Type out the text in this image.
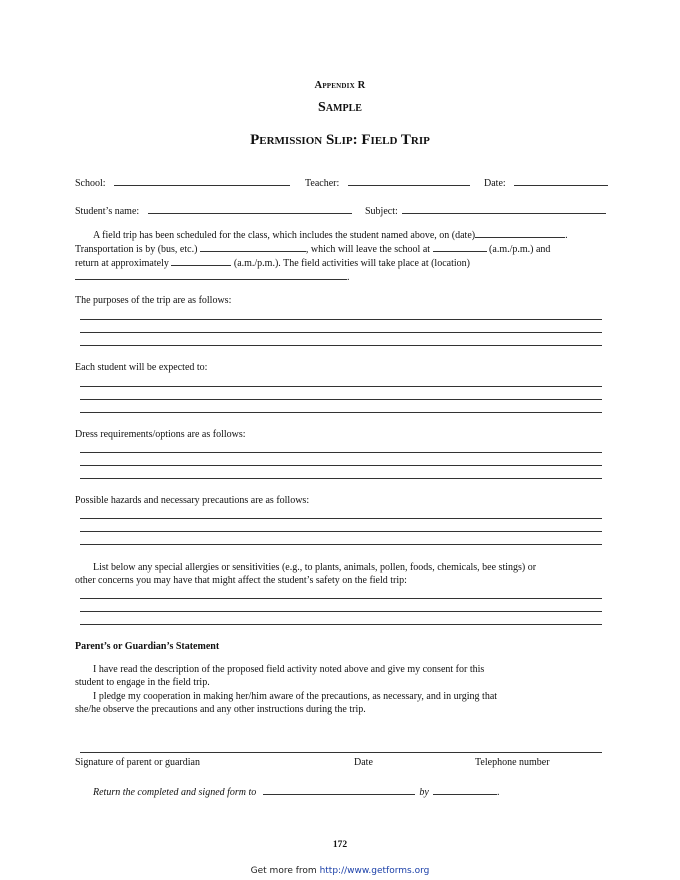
Appendix R
Sample
Permission Slip: Field Trip
School:	Teacher:	Date:
Student’s name:	Subject:
A field trip has been scheduled for the class, which includes the student named above, on (date)	.
Transportation is by (bus, etc.)	, which will leave the school at	(a.m./p.m.) and
return at approximately	(a.m./p.m.). The field activities will take place at (location)
.
The purposes of the trip are as follows:
Each student will be expected to:
Dress requirements/options are as follows:
Possible hazards and necessary precautions are as follows:
List below any special allergies or sensitivities (e.g., to plants, animals, pollen, foods, chemicals, bee stings) or
other concerns you may have that might affect the student’s safety on the field trip:
Parent’s or Guardian’s Statement
I have read the description of the proposed field activity noted above and give my consent for this
student to engage in the field trip.
I pledge my cooperation in making her/him aware of the precautions, as necessary, and in urging that
she/he observe the precautions and any other instructions during the trip.
Signature of parent or guardian	Date	Telephone number
Return the completed and signed form to	by	.
172
Get more from http://www.getforms.org
